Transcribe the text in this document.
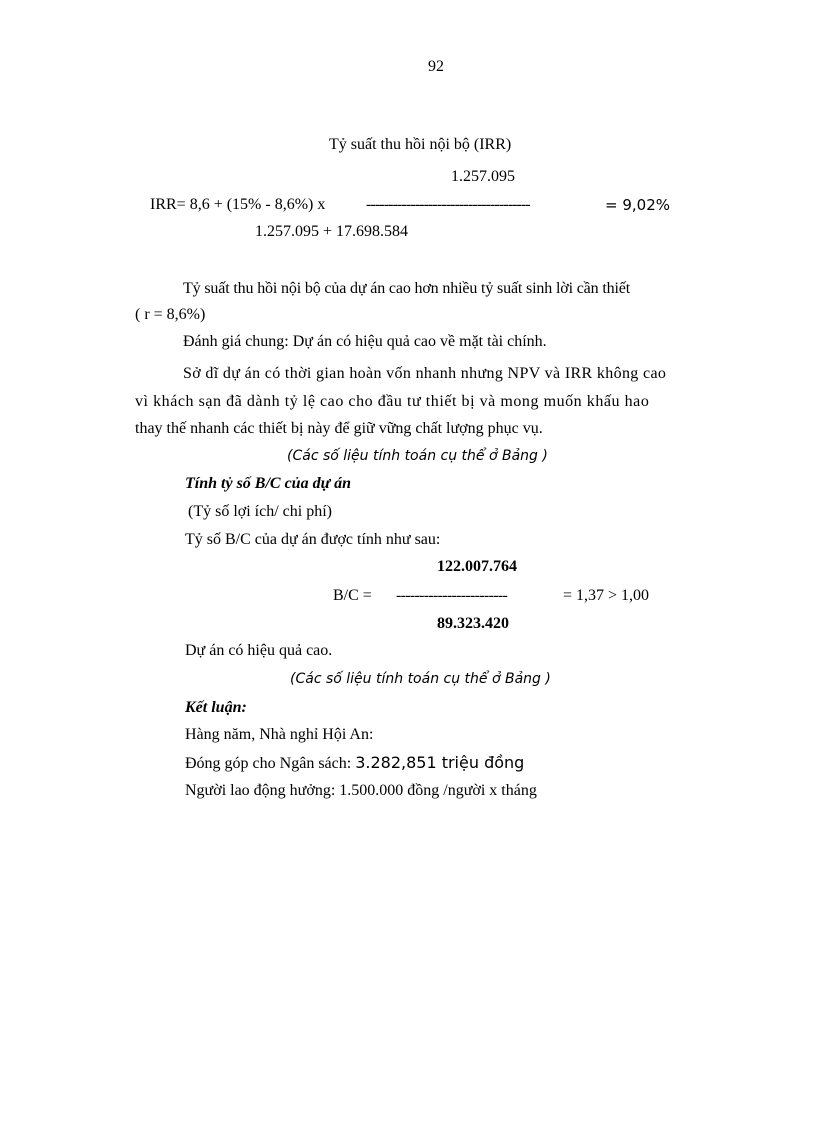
92
Tỷ suất thu hồi nội bộ (IRR)
1.257.095
IRR= 8,6 + (15% - 8,6%) x	-------------------------------------	= 9,02%
1.257.095 + 17.698.584
Tỷ suất thu hồi nội bộ của dự án cao hơn nhiều tỷ suất sinh lời cần thiết
( r = 8,6%)
Đánh giá chung: Dự án có hiệu quả cao về mặt tài chính.
Sở dĩ dự án có thời gian hoàn vốn nhanh nhưng NPV và IRR không cao
vì khách sạn đã dành tỷ lệ cao cho đầu tư thiết bị và mong muốn khấu hao
thay thế nhanh các thiết bị này để giữ vững chất lượng phục vụ.
(Các số liệu tính toán cụ thể ở Bảng )
Tính tỷ số B/C của dự án
(Tỷ số lợi ích/ chi phí)
Tỷ số B/C của dự án được tính như sau:
122.007.764
B/C = ------------------------	= 1,37 > 1,00
89.323.420
Dự án có hiệu quả cao.
(Các số liệu tính toán cụ thể ở Bảng )
Kết luận:
Hàng năm, Nhà nghỉ Hội An:
Đóng góp cho Ngân sách: 3.282,851 triệu đồng
Người lao động hưởng: 1.500.000 đồng /người x tháng
